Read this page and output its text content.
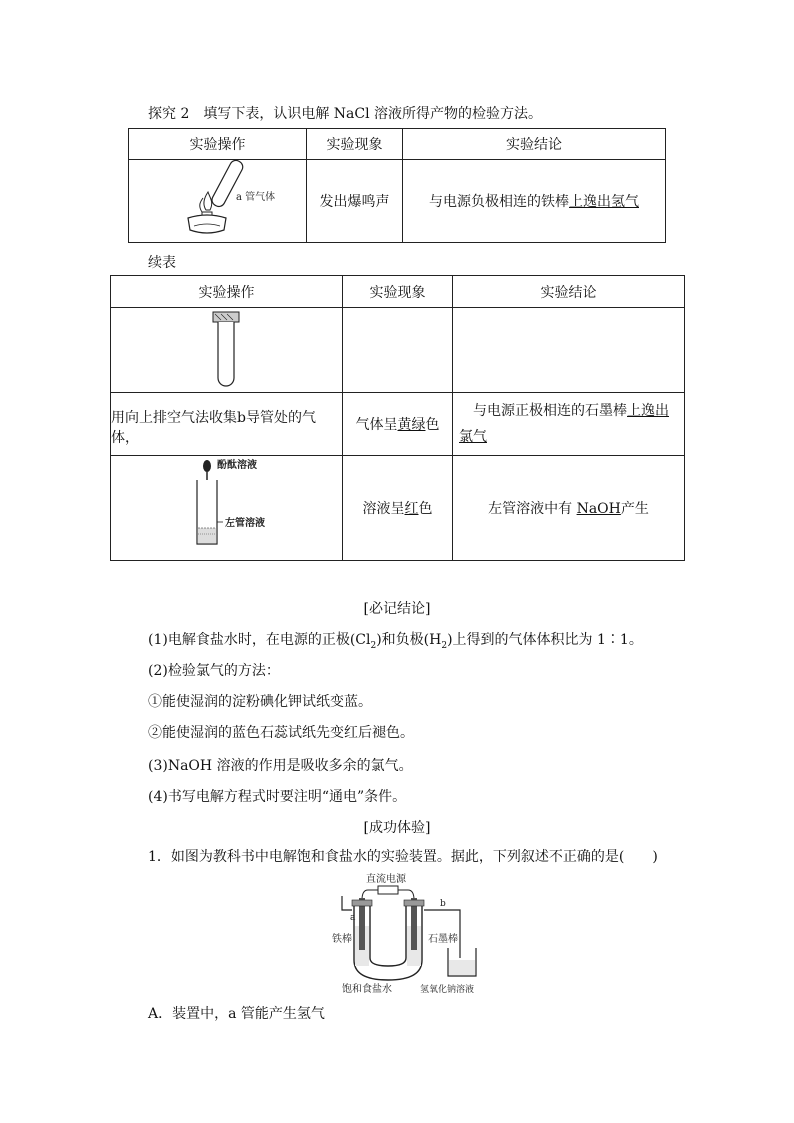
探究 2　填写下表，认识电解 NaCl 溶液所得产物的检验方法。
实验操作	实验现象	实验结论

a 管气体	发出爆鸣声	与电源负极相连的铁棒上逸出氢气
续表
实验操作	实验现象	实验结论

用向上排空气法收集b导管处的气体，	气体呈黄绿色	与电源正极相连的石墨棒上逸出
氯气

酚酞溶液
左管溶液	溶液呈红色	左管溶液中有 NaOH产生
[必记结论]
(1)电解食盐水时，在电源的正极$(Cl_2)$和负极$(H_2)$上得到的气体体积比为 1∶1。
(2)检验氯气的方法：
①能使湿润的淀粉碘化钾试纸变蓝。
②能使湿润的蓝色石蕊试纸先变红后褪色。
(3)NaOH 溶液的作用是吸收多余的氯气。
(4)书写电解方程式时要注明“通电”条件。
[成功体验]
1．如图为教科书中电解饱和食盐水的实验装置。据此，下列叙述不正确的是(　　)
直流电源
a
b
铁棒	石墨棒
饱和食盐水	氢氧化钠溶液
A．装置中，a 管能产生氢气
